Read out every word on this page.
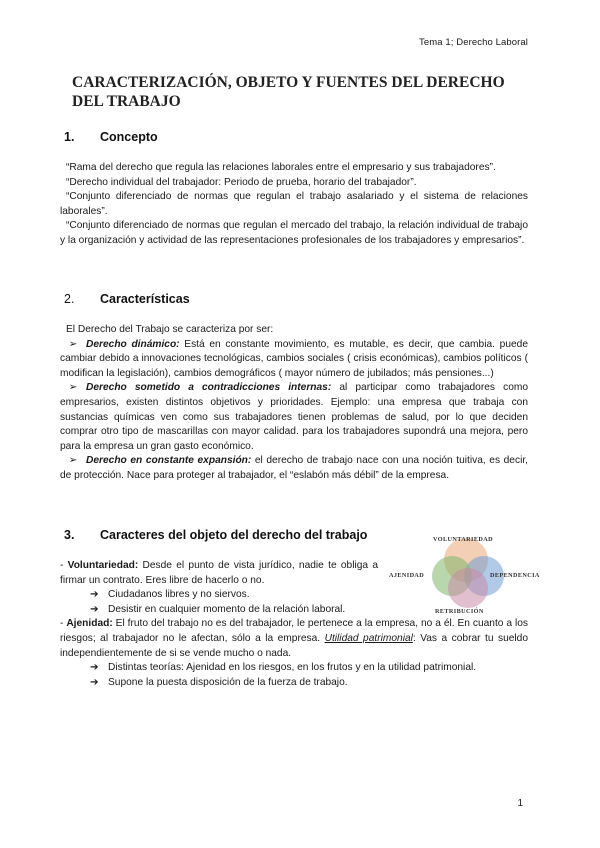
Tema 1; Derecho Laboral
CARACTERIZACIÓN, OBJETO Y FUENTES DEL DERECHO DEL TRABAJO
1. Concepto

“Rama del derecho que regula las relaciones laborales entre el empresario y sus trabajadores”.

“Derecho individual del trabajador: Periodo de prueba, horario del trabajador”.

“Conjunto diferenciado de normas que regulan el trabajo asalariado y el sistema de relaciones laborales”.

“Conjunto diferenciado de normas que regulan el mercado del trabajo, la relación individual de trabajo y la organización y actividad de las representaciones profesionales de los trabajadores y empresarios”.

2. Características

El Derecho del Trabajo se caracteriza por ser:

➢ Derecho dinámico: Está en constante movimiento, es mutable, es decir, que cambia. puede cambiar debido a innovaciones tecnológicas, cambios sociales ( crisis económicas), cambios políticos ( modifican la legislación), cambios demográficos ( mayor número de jubilados; más pensiones...)

➢ Derecho sometido a contradicciones internas: al participar como trabajadores como empresarios, existen distintos objetivos y prioridades. Ejemplo: una empresa que trabaja con sustancias químicas ven como sus trabajadores tienen problemas de salud, por lo que deciden comprar otro tipo de mascarillas con mayor calidad. para los trabajadores supondrá una mejora, pero para la empresa un gran gasto económico.

➢ Derecho en constante expansión: el derecho de trabajo nace con una noción tuitiva, es decir, de protección. Nace para proteger al trabajador, el “eslabón más débil” de la empresa.

3. Caracteres del objeto del derecho del trabajo	VOLUNTARIEDAD
AJENIDAD	DEPENDENCIA
RETRIBUCIÓN

- Voluntariedad: Desde el punto de vista jurídico, nadie te obliga a firmar un contrato. Eres libre de hacerlo o no.

➔ Ciudadanos libres y no siervos.

➔ Desistir en cualquier momento de la relación laboral.

- Ajenidad: El fruto del trabajo no es del trabajador, le pertenece a la empresa, no a él. En cuanto a los riesgos; al trabajador no le afectan, sólo a la empresa. Utilidad patrimonial: Vas a cobrar tu sueldo independientemente de si se vende mucho o nada.

➔ Distintas teorías: Ajenidad en los riesgos, en los frutos y en la utilidad patrimonial.

➔ Supone la puesta disposición de la fuerza de trabajo.

1
